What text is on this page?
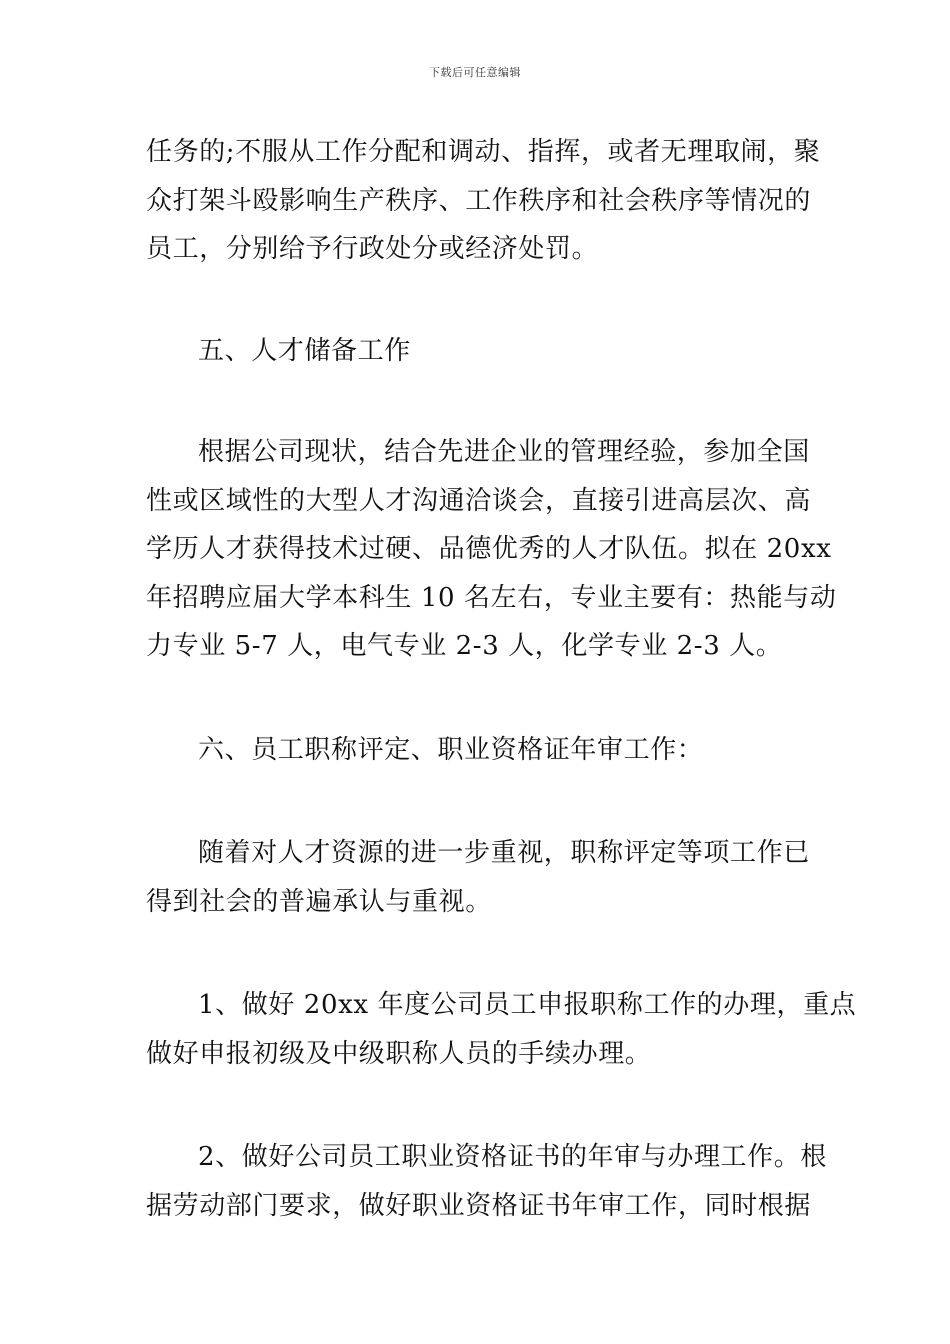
下载后可任意编辑

任务的;不服从工作分配和调动、指挥，或者无理取闹，聚
众打架斗殴影响生产秩序、工作秩序和社会秩序等情况的
员工，分别给予行政处分或经济处罚。

五、人才储备工作

根据公司现状，结合先进企业的管理经验，参加全国
性或区域性的大型人才沟通洽谈会，直接引进高层次、高
学历人才获得技术过硬、品德优秀的人才队伍。拟在 20xx
年招聘应届大学本科生 10 名左右，专业主要有：热能与动
力专业 5-7 人，电气专业 2-3 人，化学专业 2-3 人。

六、员工职称评定、职业资格证年审工作：

随着对人才资源的进一步重视，职称评定等项工作已
得到社会的普遍承认与重视。

1、做好 20xx 年度公司员工申报职称工作的办理，重点
做好申报初级及中级职称人员的手续办理。

2、做好公司员工职业资格证书的年审与办理工作。根
据劳动部门要求，做好职业资格证书年审工作，同时根据
